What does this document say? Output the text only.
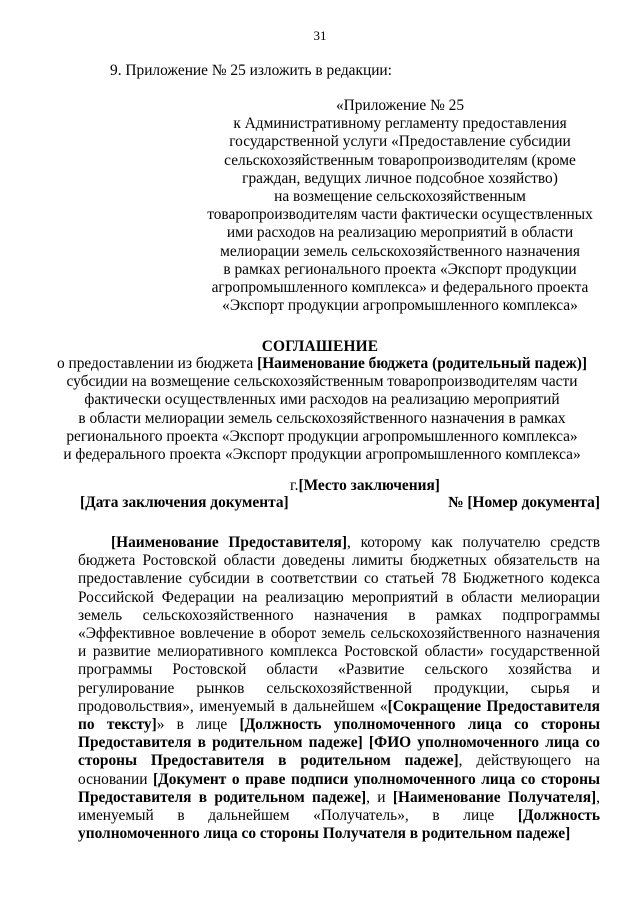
31
9. Приложение № 25 изложить в редакции:
«Приложение № 25
к Административному регламенту предоставления
государственной услуги «Предоставление субсидии
сельскохозяйственным товаропроизводителям (кроме
граждан, ведущих личное подсобное хозяйство)
на возмещение сельскохозяйственным
товаропроизводителям части фактически осуществленных
ими расходов на реализацию мероприятий в области
мелиорации земель сельскохозяйственного назначения
в рамках регионального проекта «Экспорт продукции
агропромышленного комплекса» и федерального проекта
«Экспорт продукции агропромышленного комплекса»
СОГЛАШЕНИЕ
о предоставлении из бюджета [Наименование бюджета (родительный падеж)]
субсидии на возмещение сельскохозяйственным товаропроизводителям части
фактически осуществленных ими расходов на реализацию мероприятий
в области мелиорации земель сельскохозяйственного назначения в рамках
регионального проекта «Экспорт продукции агропромышленного комплекса»
и федерального проекта «Экспорт продукции агропромышленного комплекса»
г.[Место заключения]
[Дата заключения документа]	№ [Номер документа]
[Наименование Предоставителя], которому как получателю средств бюджета Ростовской области доведены лимиты бюджетных обязательств на предоставление субсидии в соответствии со статьей 78 Бюджетного кодекса Российской Федерации на реализацию мероприятий в области мелиорации земель сельскохозяйственного назначения в рамках подпрограммы «Эффективное вовлечение в оборот земель сельскохозяйственного назначения и развитие мелиоративного комплекса Ростовской области» государственной программы Ростовской области «Развитие сельского хозяйства и регулирование рынков сельскохозяйственной продукции, сырья и продовольствия», именуемый в дальнейшем «[Сокращение Предоставителя по тексту]» в лице [Должность уполномоченного лица со стороны Предоставителя в родительном падеже] [ФИО уполномоченного лица со стороны Предоставителя в родительном падеже], действующего на основании [Документ о праве подписи уполномоченного лица со стороны Предоставителя в родительном падеже], и [Наименование Получателя], именуемый в дальнейшем «Получатель», в лице [Должность уполномоченного лица со стороны Получателя в родительном падеже]
